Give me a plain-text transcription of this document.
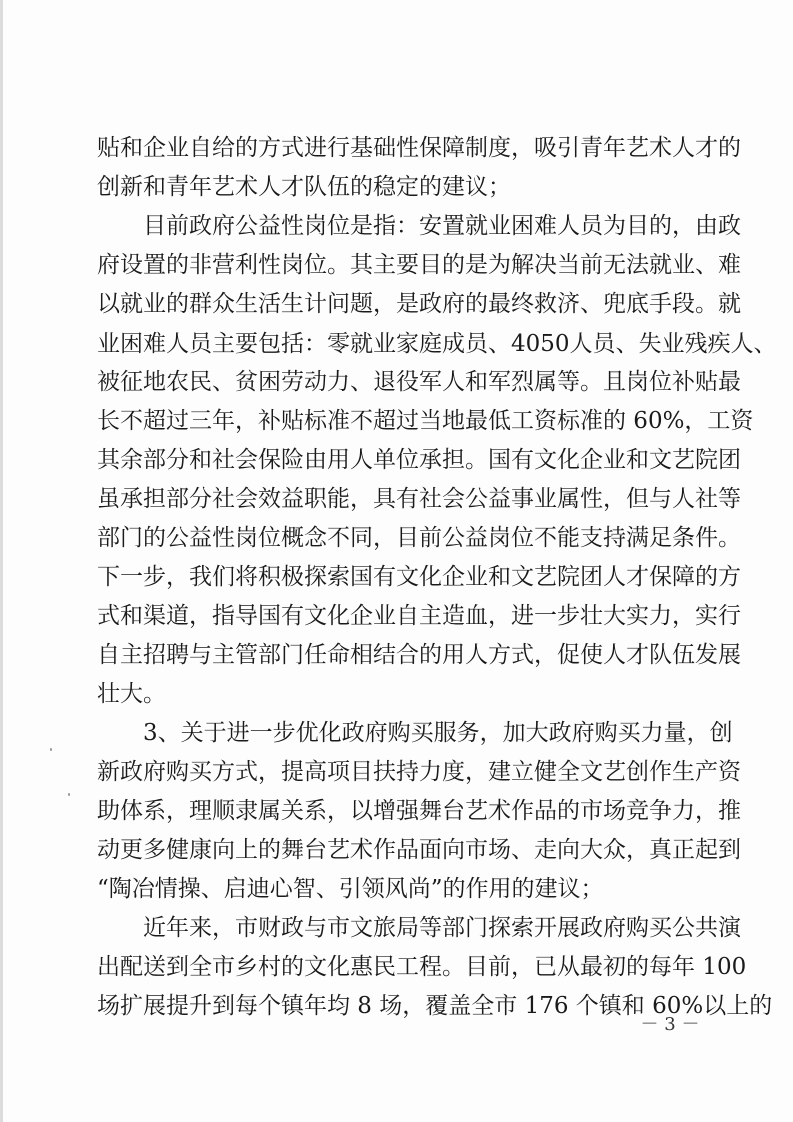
贴和企业自给的方式进行基础性保障制度，吸引青年艺术人才的
创新和青年艺术人才队伍的稳定的建议；
　　目前政府公益性岗位是指：安置就业困难人员为目的，由政
府设置的非营利性岗位。其主要目的是为解决当前无法就业、难
以就业的群众生活生计问题，是政府的最终救济、兜底手段。就
业困难人员主要包括：零就业家庭成员、4050人员、失业残疾人、
被征地农民、贫困劳动力、退役军人和军烈属等。且岗位补贴最
长不超过三年，补贴标准不超过当地最低工资标准的 60%，工资
其余部分和社会保险由用人单位承担。国有文化企业和文艺院团
虽承担部分社会效益职能，具有社会公益事业属性，但与人社等
部门的公益性岗位概念不同，目前公益岗位不能支持满足条件。
下一步，我们将积极探索国有文化企业和文艺院团人才保障的方
式和渠道，指导国有文化企业自主造血，进一步壮大实力，实行
自主招聘与主管部门任命相结合的用人方式，促使人才队伍发展
壮大。
　　3、关于进一步优化政府购买服务，加大政府购买力量，创
新政府购买方式，提高项目扶持力度，建立健全文艺创作生产资
助体系，理顺隶属关系，以增强舞台艺术作品的市场竞争力，推
动更多健康向上的舞台艺术作品面向市场、走向大众，真正起到
“陶冶情操、启迪心智、引领风尚”的作用的建议；
　　近年来，市财政与市文旅局等部门探索开展政府购买公共演
出配送到全市乡村的文化惠民工程。目前，已从最初的每年 100
场扩展提升到每个镇年均 8 场，覆盖全市 176 个镇和 60%以上的
－ 3 －
